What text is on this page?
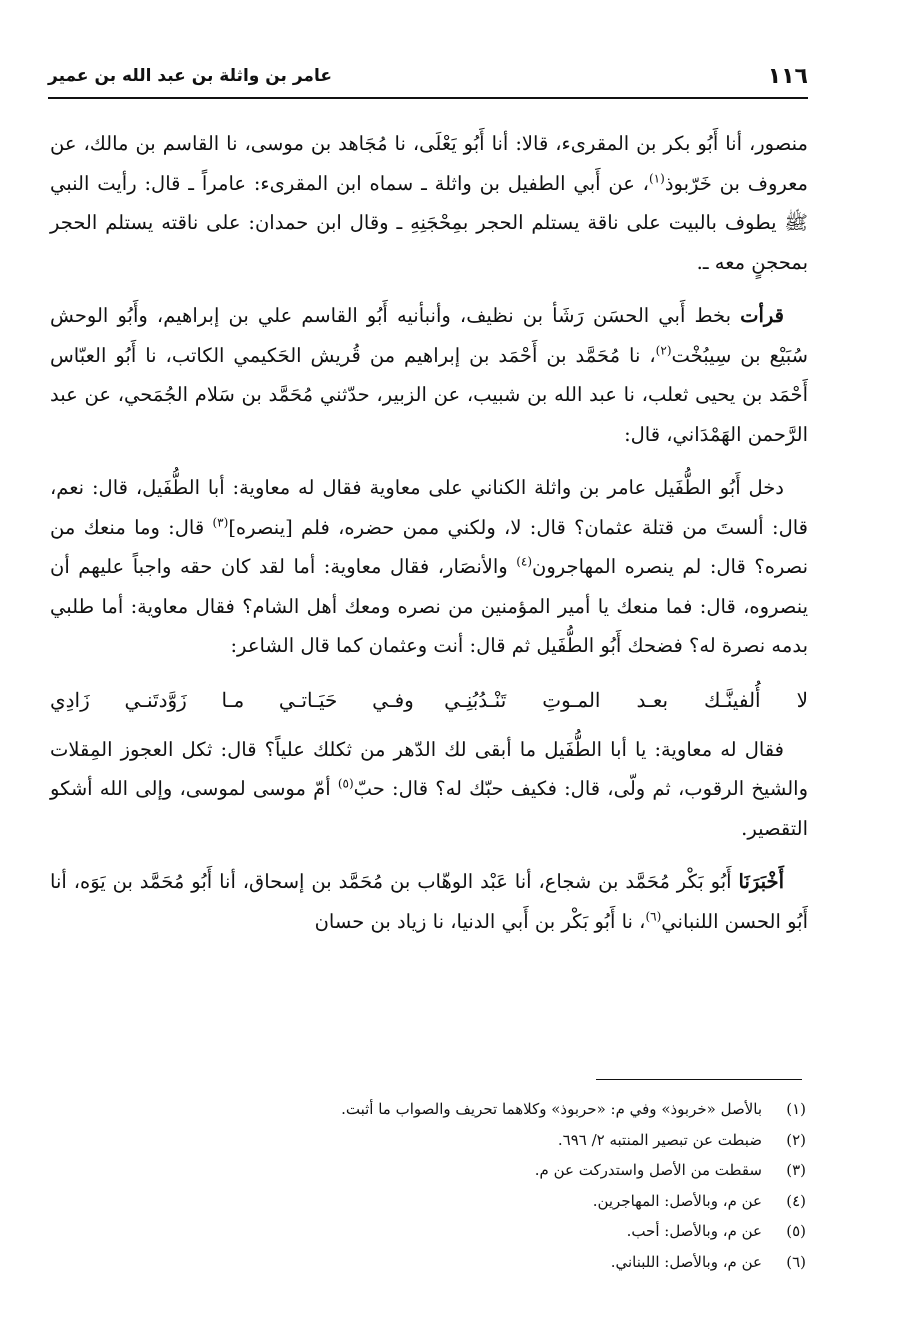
١١٦
عامر بن واثلة بن عبد الله بن عمير

منصور، أنا أَبُو بكر بن المقرىء، قالا: أنا أَبُو يَعْلَى، نا مُجَاهد بن موسى، نا القاسم بن مالك، عن معروف بن خَرّبوذ$^{(١)}$، عن أَبي الطفيل بن واثلة ـ سماه ابن المقرىء: عامراً ـ قال: رأيت النبي ﷺ يطوف بالبيت على ناقة يستلم الحجر بمِحْجَنِهِ ـ وقال ابن حمدان: على ناقته يستلم الحجر بمحجنٍ معه ـ.

قرأت بخط أَبي الحسَن رَشَأ بن نظيف، وأنبأنيه أَبُو القاسم علي بن إبراهيم، وأَبُو الوحش سُبَيْع بن سِيبُخْت$^{(٢)}$، نا مُحَمَّد بن أَحْمَد بن إبراهيم من قُريش الحَكيمي الكاتب، نا أَبُو العبّاس أَحْمَد بن يحيى ثعلب، نا عبد الله بن شبيب، عن الزبير، حدّثني مُحَمَّد بن سَلام الجُمَحي، عن عبد الرَّحمن الهَمْدَاني، قال:

دخل أَبُو الطُّفَيل عامر بن واثلة الكناني على معاوية فقال له معاوية: أبا الطُّفَيل، قال: نعم، قال: ألستَ من قتلة عثمان؟ قال: لا، ولكني ممن حضره، فلم [ينصره]$^{(٣)}$ قال: وما منعك من نصره؟ قال: لم ينصره المهاجرون$^{(٤)}$ والأنصَار، فقال معاوية: أما لقد كان حقه واجباً عليهم أن ينصروه، قال: فما منعك يا أمير المؤمنين من نصره ومعك أهل الشام؟ فقال معاوية: أما طلبي بدمه نصرة له؟ فضحك أَبُو الطُّفَيل ثم قال: أنت وعثمان كما قال الشاعر:

لا أُلفينَّـك بعـد المـوتِ تَنْـدُبُنِـي
وفـي حَيَـاتـي مـا زَوَّدتَنـي زَادِي

فقال له معاوية: يا أبا الطُّفَيل ما أبقى لك الدّهر من ثكلك علياً؟ قال: ثكل العجوز المِقلات والشيخ الرقوب، ثم ولّى، قال: فكيف حبّك له؟ قال: حبّ$^{(٥)}$ أمّ موسى لموسى، وإلى الله أشكو التقصير.

أَخْبَرَنَا أَبُو بَكْر مُحَمَّد بن شجاع، أنا عَبْد الوهّاب بن مُحَمَّد بن إسحاق، أنا أَبُو مُحَمَّد بن يَوَه، أنا أَبُو الحسن اللنباني$^{(٦)}$، نا أَبُو بَكْر بن أَبي الدنيا، نا زياد بن حسان

(١)
بالأصل «خربوذ» وفي م: «حربوذ» وكلاهما تحريف والصواب ما أثبت.
(٢)
ضبطت عن تبصير المنتبه ٢/ ٦٩٦.
(٣)
سقطت من الأصل واستدركت عن م.
(٤)
عن م، وبالأصل: المهاجرين.
(٥)
عن م، وبالأصل: أحب.
(٦)
عن م، وبالأصل: اللبناني.
